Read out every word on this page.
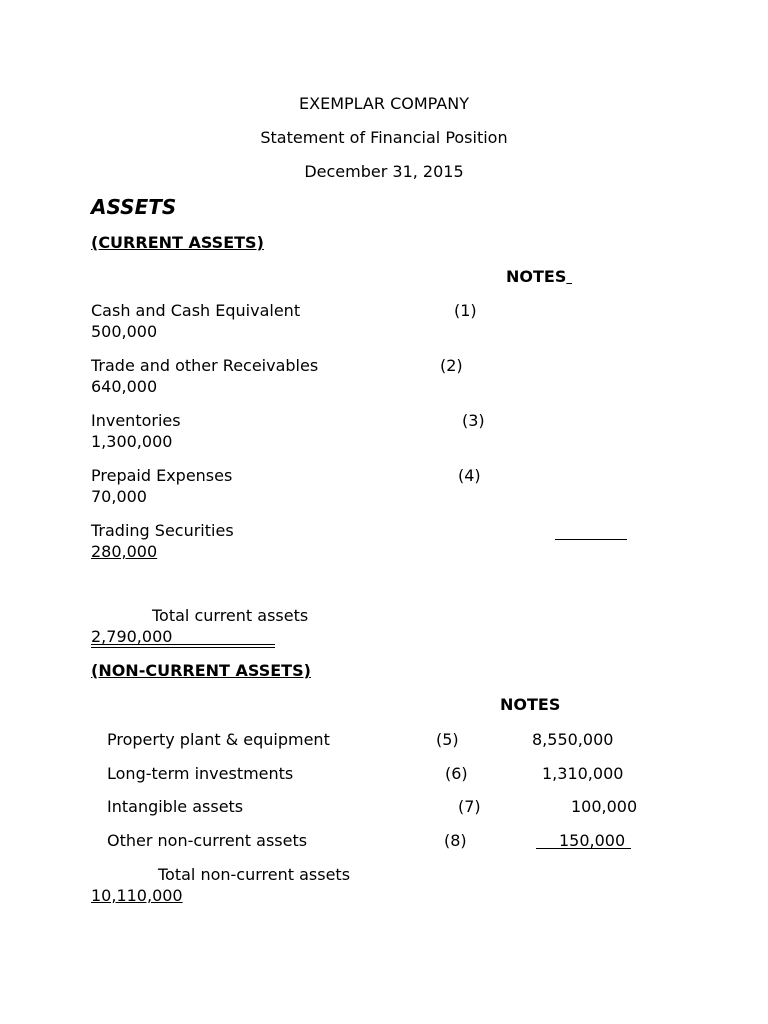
EXEMPLAR COMPANY
Statement of Financial Position
December 31, 2015
ASSETS
(CURRENT ASSETS)
NOTES
Cash and Cash Equivalent	(1)
500,000
Trade and other Receivables	(2)
640,000
Inventories	(3)
1,300,000
Prepaid Expenses	(4)
70,000
Trading Securities
280,000
Total current assets
2,790,000
(NON-CURRENT ASSETS)
NOTES
Property plant & equipment	(5)	8,550,000
Long-term investments	(6)	1,310,000
Intangible assets	(7)	100,000
Other non-current assets	(8)	150,000
Total non-current assets
10,110,000
